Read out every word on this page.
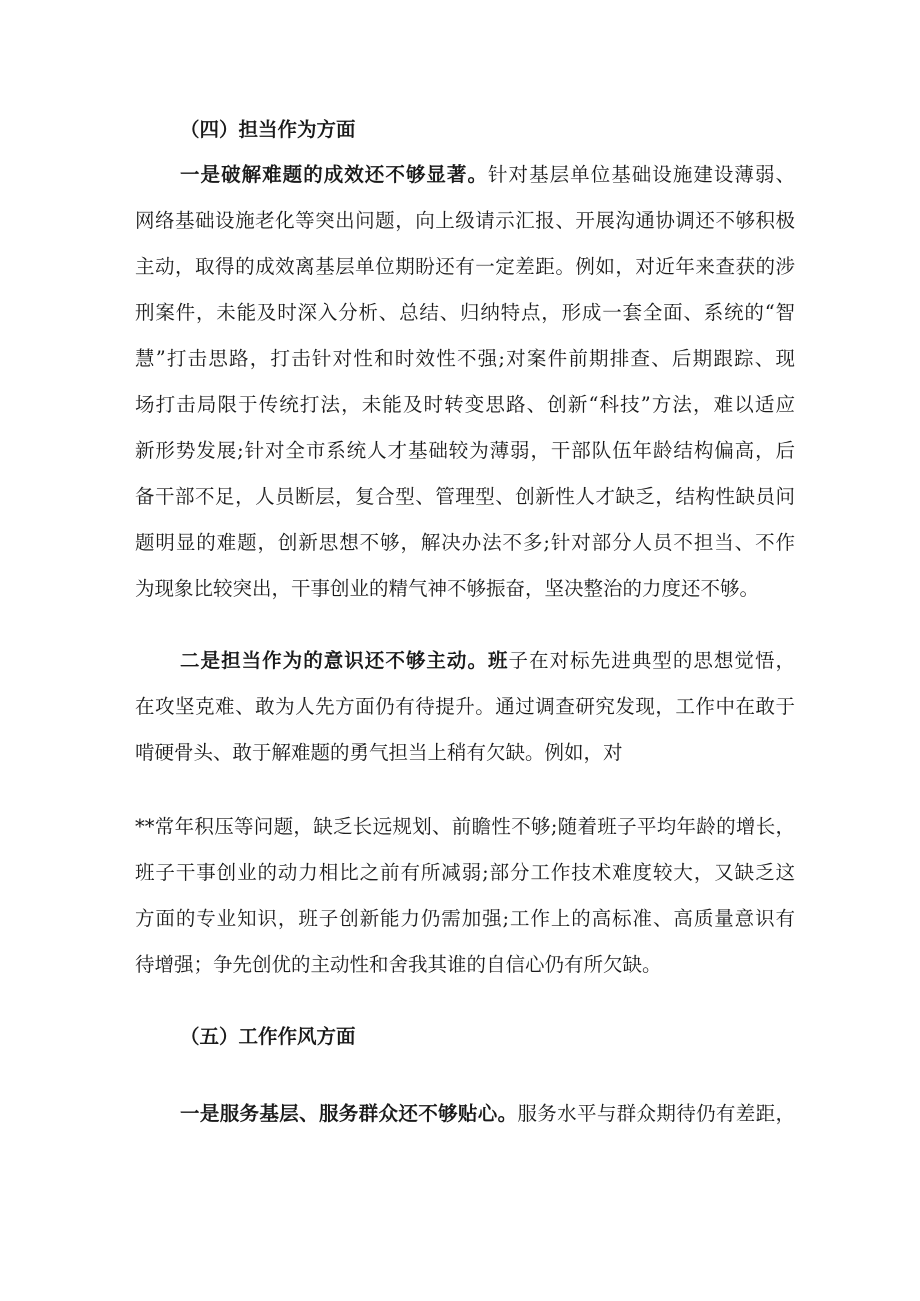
（四）担当作为方面
一是破解难题的成效还不够显著。针对基层单位基础设施建设薄弱、
网络基础设施老化等突出问题，向上级请示汇报、开展沟通协调还不够积极
主动，取得的成效离基层单位期盼还有一定差距。例如，对近年来查获的涉
刑案件，未能及时深入分析、总结、归纳特点，形成一套全面、系统的“智
慧”打击思路，打击针对性和时效性不强;对案件前期排查、后期跟踪、现
场打击局限于传统打法，未能及时转变思路、创新“科技”方法，难以适应
新形势发展;针对全市系统人才基础较为薄弱，干部队伍年龄结构偏高，后
备干部不足，人员断层，复合型、管理型、创新性人才缺乏，结构性缺员问
题明显的难题，创新思想不够，解决办法不多;针对部分人员不担当、不作
为现象比较突出，干事创业的精气神不够振奋，坚决整治的力度还不够。
二是担当作为的意识还不够主动。班子在对标先进典型的思想觉悟，
在攻坚克难、敢为人先方面仍有待提升。通过调查研究发现，工作中在敢于
啃硬骨头、敢于解难题的勇气担当上稍有欠缺。例如，对
**常年积压等问题，缺乏长远规划、前瞻性不够;随着班子平均年龄的增长，
班子干事创业的动力相比之前有所减弱;部分工作技术难度较大，又缺乏这
方面的专业知识，班子创新能力仍需加强;工作上的高标准、高质量意识有
待增强；争先创优的主动性和舍我其谁的自信心仍有所欠缺。
（五）工作作风方面
一是服务基层、服务群众还不够贴心。服务水平与群众期待仍有差距，
